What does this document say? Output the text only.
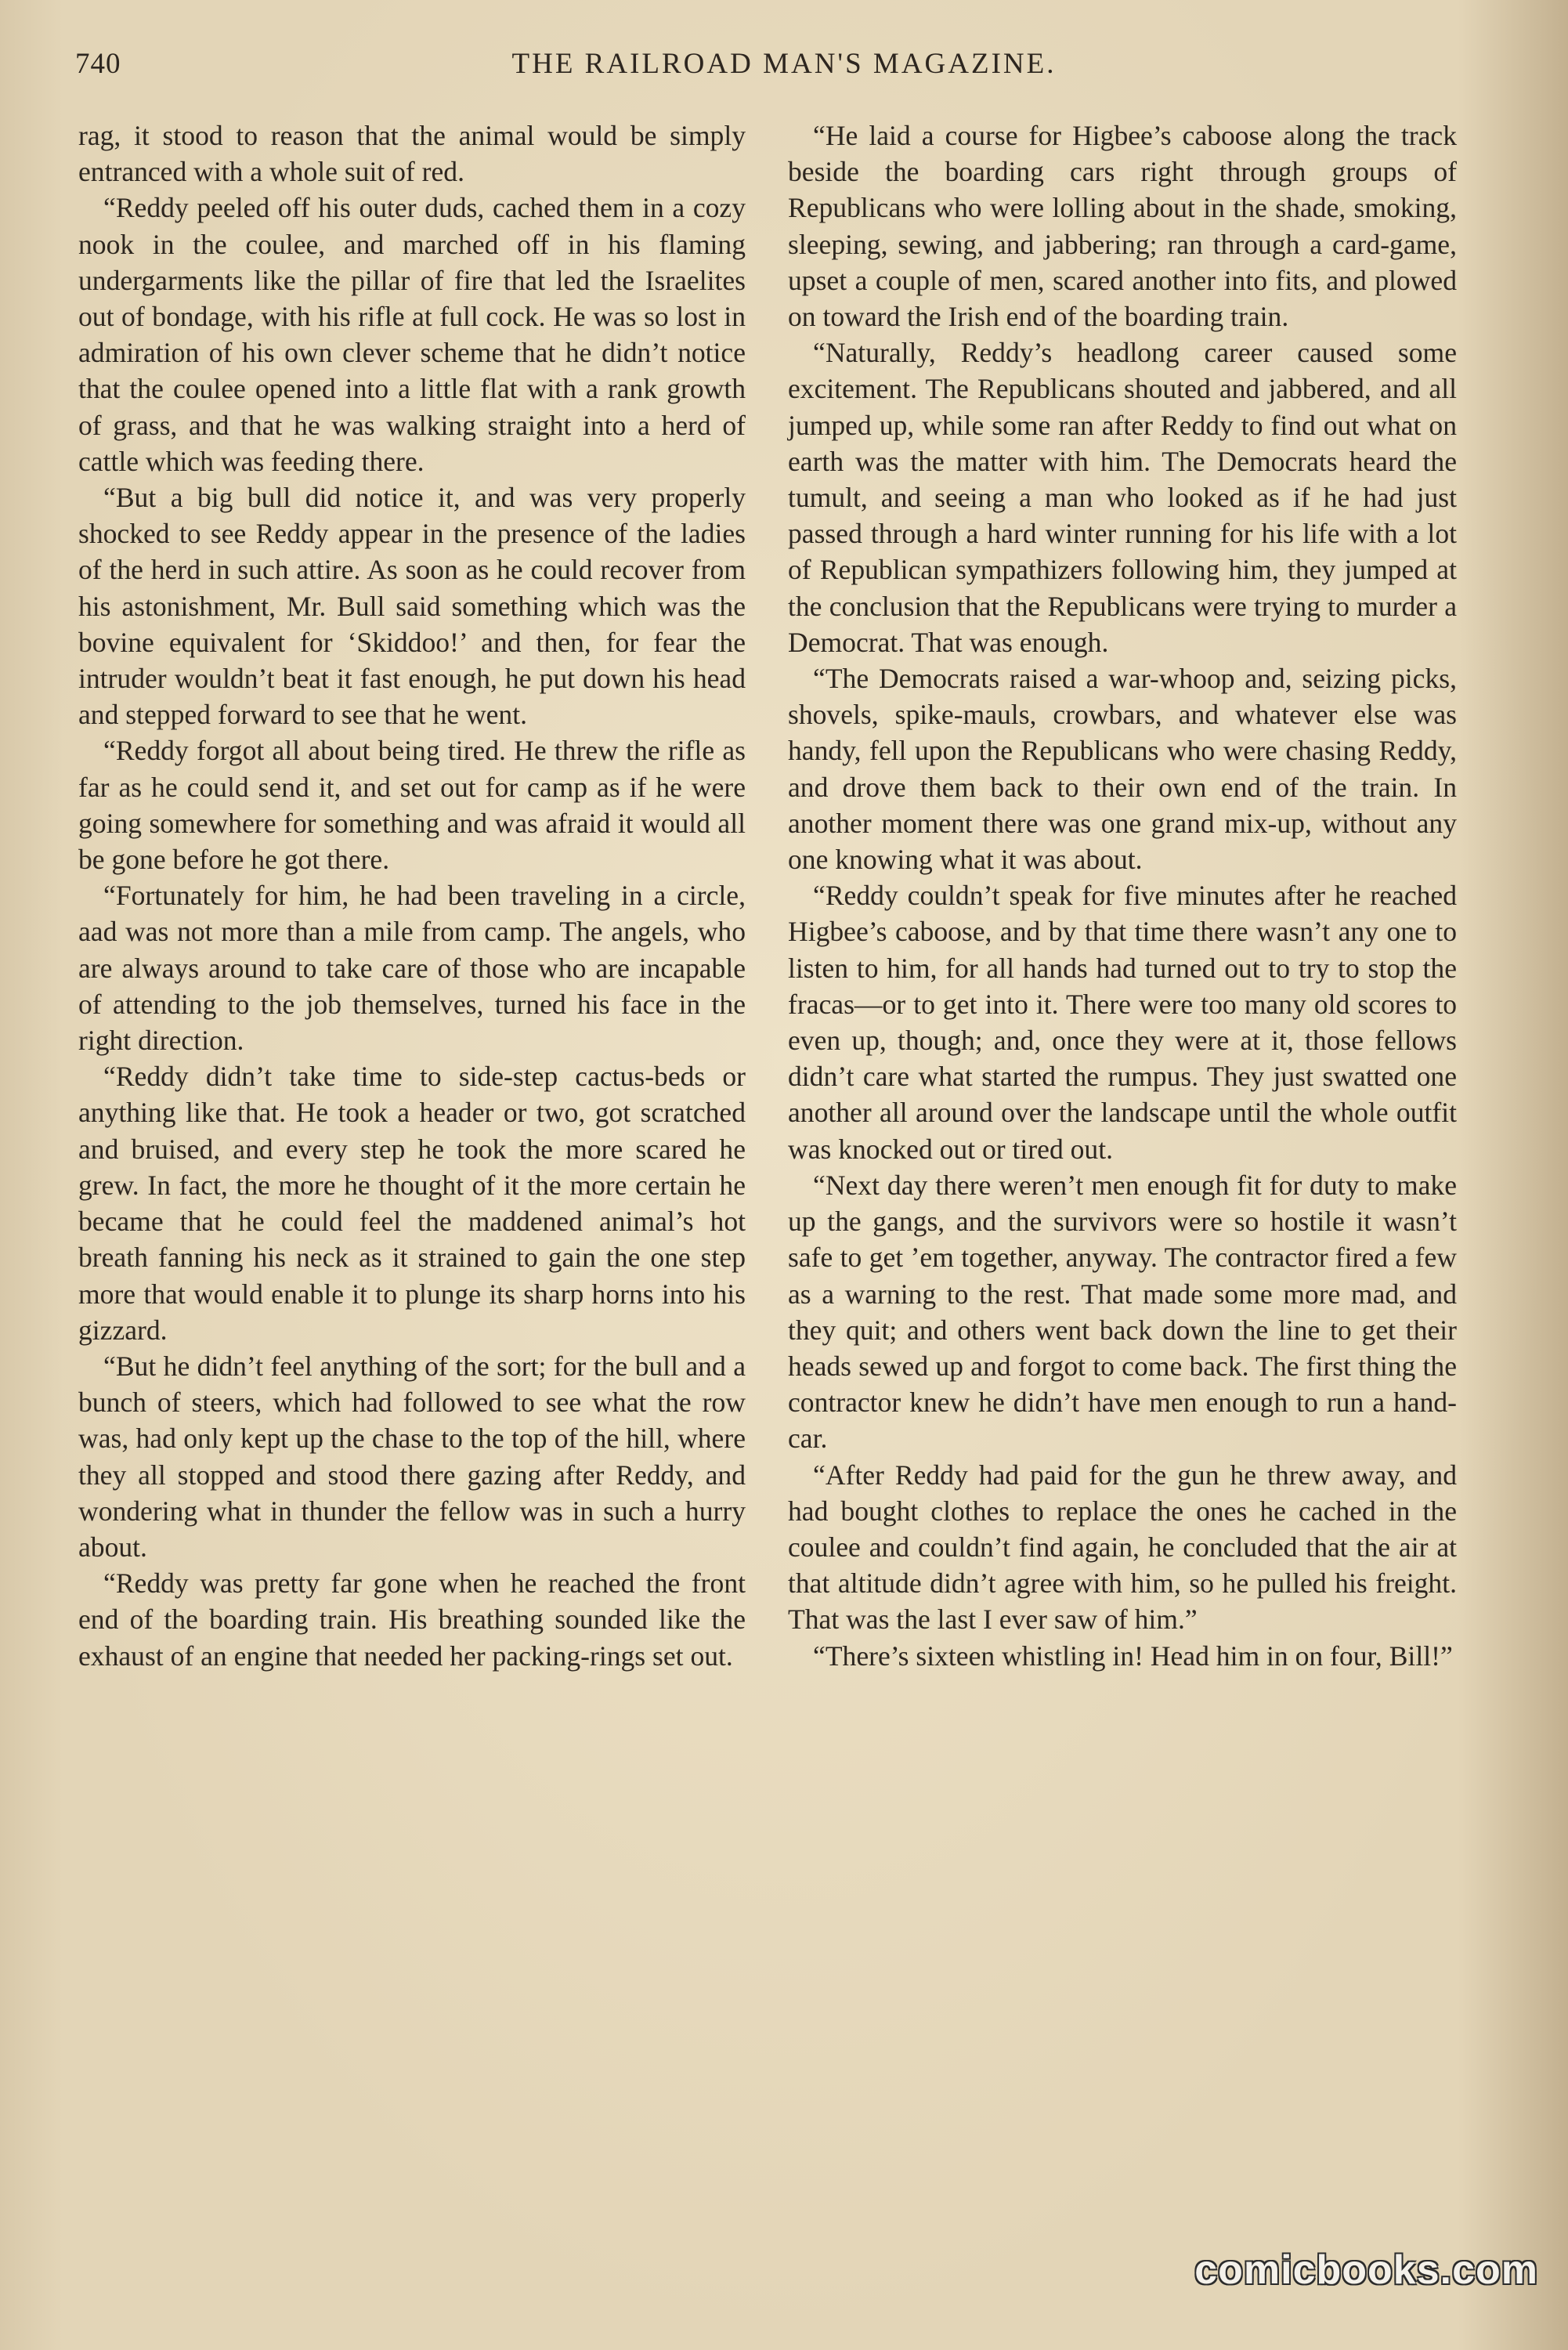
740	THE RAILROAD MAN'S MAGAZINE.

rag, it stood to reason that the animal would be simply entranced with a whole suit of red.

“Reddy peeled off his outer duds, cached them in a cozy nook in the coulee, and marched off in his flaming undergarments like the pillar of fire that led the Israelites out of bondage, with his rifle at full cock. He was so lost in admiration of his own clever scheme that he didn’t notice that the coulee opened into a little flat with a rank growth of grass, and that he was walking straight into a herd of cattle which was feeding there.

“But a big bull did notice it, and was very properly shocked to see Reddy appear in the presence of the ladies of the herd in such attire. As soon as he could recover from his astonishment, Mr. Bull said something which was the bovine equivalent for ‘Skiddoo!’ and then, for fear the intruder wouldn’t beat it fast enough, he put down his head and stepped forward to see that he went.

“Reddy forgot all about being tired. He threw the rifle as far as he could send it, and set out for camp as if he were going somewhere for something and was afraid it would all be gone before he got there.

“Fortunately for him, he had been traveling in a circle, aad was not more than a mile from camp. The angels, who are always around to take care of those who are incapable of attending to the job themselves, turned his face in the right direction.

“Reddy didn’t take time to side-step cactus-beds or anything like that. He took a header or two, got scratched and bruised, and every step he took the more scared he grew. In fact, the more he thought of it the more certain he became that he could feel the maddened animal’s hot breath fanning his neck as it strained to gain the one step more that would enable it to plunge its sharp horns into his gizzard.

“But he didn’t feel anything of the sort; for the bull and a bunch of steers, which had followed to see what the row was, had only kept up the chase to the top of the hill, where they all stopped and stood there gazing after Reddy, and wondering what in thunder the fellow was in such a hurry about.

“Reddy was pretty far gone when he reached the front end of the boarding train. His breathing sounded like the exhaust of an engine that needed her packing-rings set out.

“He laid a course for Higbee’s caboose along the track beside the boarding cars right through groups of Republicans who were lolling about in the shade, smoking, sleeping, sewing, and jabbering; ran through a card-game, upset a couple of men, scared another into fits, and plowed on toward the Irish end of the boarding train.

“Naturally, Reddy’s headlong career caused some excitement. The Republicans shouted and jabbered, and all jumped up, while some ran after Reddy to find out what on earth was the matter with him. The Democrats heard the tumult, and seeing a man who looked as if he had just passed through a hard winter running for his life with a lot of Republican sympathizers following him, they jumped at the conclusion that the Republicans were trying to murder a Democrat. That was enough.

“The Democrats raised a war-whoop and, seizing picks, shovels, spike-mauls, crowbars, and whatever else was handy, fell upon the Republicans who were chasing Reddy, and drove them back to their own end of the train. In another moment there was one grand mix-up, without any one knowing what it was about.

“Reddy couldn’t speak for five minutes after he reached Higbee’s caboose, and by that time there wasn’t any one to listen to him, for all hands had turned out to try to stop the fracas—or to get into it. There were too many old scores to even up, though; and, once they were at it, those fellows didn’t care what started the rumpus. They just swatted one another all around over the landscape until the whole outfit was knocked out or tired out.

“Next day there weren’t men enough fit for duty to make up the gangs, and the survivors were so hostile it wasn’t safe to get ’em together, anyway. The contractor fired a few as a warning to the rest. That made some more mad, and they quit; and others went back down the line to get their heads sewed up and forgot to come back. The first thing the contractor knew he didn’t have men enough to run a hand-car.

“After Reddy had paid for the gun he threw away, and had bought clothes to replace the ones he cached in the coulee and couldn’t find again, he concluded that the air at that altitude didn’t agree with him, so he pulled his freight. That was the last I ever saw of him.”

“There’s sixteen whistling in! Head him in on four, Bill!”

comicbooks.com
